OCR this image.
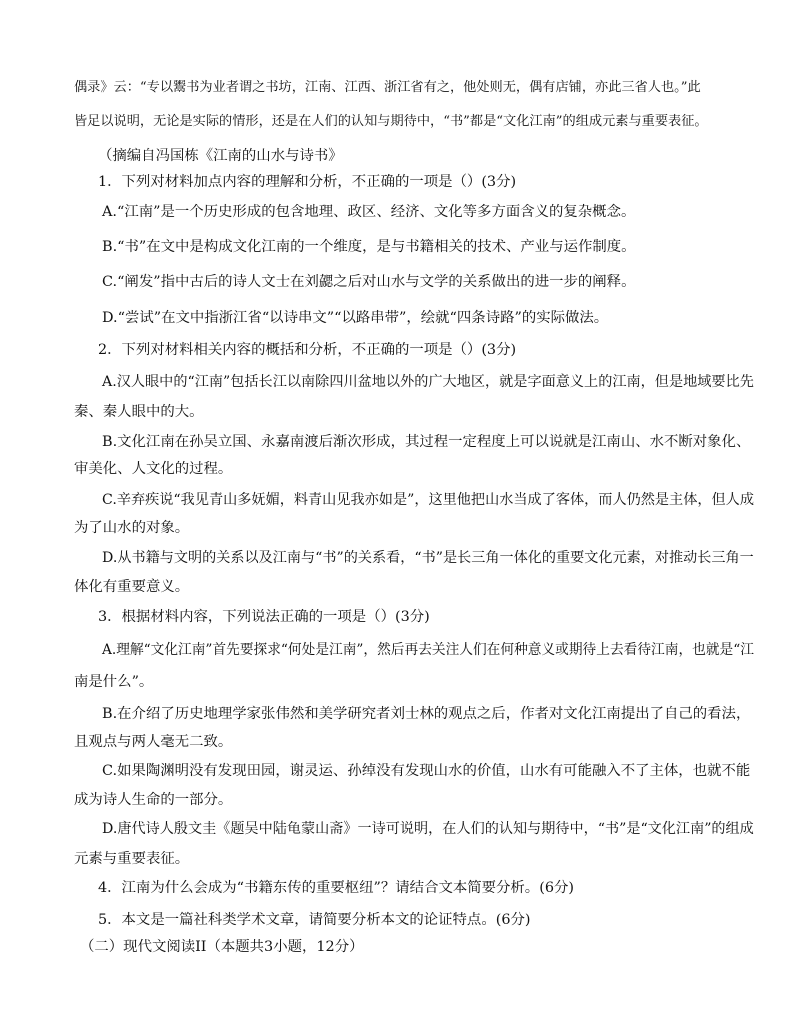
偶录》云：“专以鬻书为业者谓之书坊，江南、江西、浙江省有之，他处则无，偶有店铺，亦此三省人也。”此
皆足以说明，无论是实际的情形，还是在人们的认知与期待中，“书”都是“文化江南”的组成元素与重要表征。
（摘编自冯国栋《江南的山水与诗书》
1．下列对材料加点内容的理解和分析，不正确的一项是（）(3分)
A.“江南”是一个历史形成的包含地理、政区、经济、文化等多方面含义的复杂概念。
B.“书”在文中是构成文化江南的一个维度，是与书籍相关的技术、产业与运作制度。
C.“阐发”指中古后的诗人文士在刘勰之后对山水与文学的关系做出的进一步的阐释。
D.“尝试”在文中指浙江省“以诗串文”“以路串带”，绘就“四条诗路”的实际做法。
2．下列对材料相关内容的概括和分析，不正确的一项是（）(3分)
A.汉人眼中的“江南”包括长江以南除四川盆地以外的广大地区，就是字面意义上的江南，但是地域要比先
秦、秦人眼中的大。
B.文化江南在孙吴立国、永嘉南渡后渐次形成，其过程一定程度上可以说就是江南山、水不断对象化、
审美化、人文化的过程。
C.辛弃疾说“我见青山多妩媚，料青山见我亦如是”，这里他把山水当成了客体，而人仍然是主体，但人成
为了山水的对象。
D.从书籍与文明的关系以及江南与“书”的关系看，“书”是长三角一体化的重要文化元素，对推动长三角一
体化有重要意义。
3．根据材料内容，下列说法正确的一项是（）(3分)
A.理解“文化江南”首先要探求“何处是江南”，然后再去关注人们在何种意义或期待上去看待江南，也就是“江
南是什么”。
B.在介绍了历史地理学家张伟然和美学研究者刘士林的观点之后，作者对文化江南提出了自己的看法，
且观点与两人毫无二致。
C.如果陶渊明没有发现田园，谢灵运、孙绰没有发现山水的价值，山水有可能融入不了主体，也就不能
成为诗人生命的一部分。
D.唐代诗人殷文圭《题吴中陆龟蒙山斋》一诗可说明，在人们的认知与期待中，“书”是“文化江南”的组成
元素与重要表征。
4．江南为什么会成为“书籍东传的重要枢纽”？请结合文本简要分析。(6分)
5．本文是一篇社科类学术文章，请简要分析本文的论证特点。(6分)
（二）现代文阅读II（本题共3小题，12分）
